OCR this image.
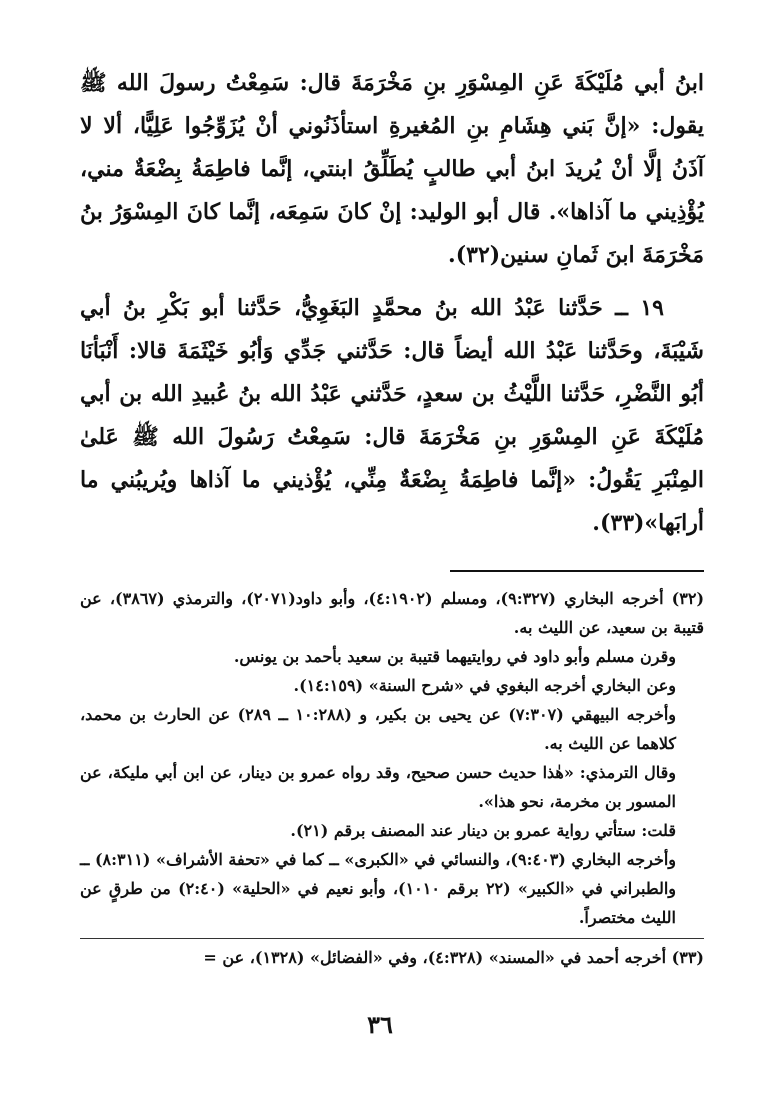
ابنُ أبي مُلَيْكَةَ عَنِ المِسْوَرِ بنِ مَخْرَمَةَ قال: سَمِعْتُ رسولَ الله ﷺ يقول: «إنَّ بَني هِشَامِ بنِ المُغيرةِ استأذَنُوني أنْ يُزَوِّجُوا عَلِيًّا، ألا لا آذَنُ إلَّا أنْ يُريدَ ابنُ أبي طالبٍ يُطَلِّقُ ابنتي، إنَّما فاطِمَةُ بِضْعَةٌ مني، يُؤْذِيني ما آذاها». قال أبو الوليد: إنْ كانَ سَمِعَه، إنَّما كانَ المِسْوَرُ بنُ مَخْرَمَةَ ابنَ ثَمانِ سنين(٣٢).

١٩ ــ حَدَّثنا عَبْدُ الله بنُ محمَّدٍ البَغَوِيُّ، حَدَّثنا أبو بَكْرِ بنُ أبي شَيْبَةَ، وحَدَّثنا عَبْدُ الله أيضاً قال: حَدَّثني جَدِّي وَأبُو خَيْثَمَةَ قالا: أَنْبَأنَا أبُو النَّضْرِ، حَدَّثنا اللَّيْثُ بن سعدٍ، حَدَّثني عَبْدُ الله بنُ عُبيدِ الله بن أبي مُلَيْكَةَ عَنِ المِسْوَرِ بنِ مَخْرَمَةَ قال: سَمِعْتُ رَسُولَ الله ﷺ عَلىٰ المِنْبَرِ يَقُولُ: «إنَّما فاطِمَةُ بِضْعَةٌ مِنِّي، يُؤْذيني ما آذاها ويُريبُني ما أرابَها»(٣٣).

(٣٢) أخرجه البخاري (٩:٣٢٧)، ومسلم (٤:١٩٠٢)، وأبو داود(٢٠٧١)، والترمذي (٣٨٦٧)، عن قتيبة بن سعيد، عن الليث به.

وقرن مسلم وأبو داود في روايتيهما قتيبة بن سعيد بأحمد بن يونس.

وعن البخاري أخرجه البغوي في «شرح السنة» (١٤:١٥٩).

وأخرجه البيهقي (٧:٣٠٧) عن يحيى بن بكير، و (١٠:٢٨٨ ــ ٢٨٩) عن الحارث بن محمد، كلاهما عن الليث به.

وقال الترمذي: «هٰذا حديث حسن صحيح، وقد رواه عمرو بن دينار، عن ابن أبي مليكة، عن المسور بن مخرمة، نحو هذا».

قلت: ستأتي رواية عمرو بن دينار عند المصنف برقم (٢١).

وأخرجه البخاري (٩:٤٠٣)، والنسائي في «الكبرى» ــ كما في «تحفة الأشراف» (٨:٣١١) ــ والطبراني في «الكبير» (٢٢ برقم ١٠١٠)، وأبو نعيم في «الحلية» (٢:٤٠) من طرقٍ عن الليث مختصراً.

(٣٣) أخرجه أحمد في «المسند» (٤:٣٢٨)، وفي «الفضائل» (١٣٢٨)، عن =

٣٦
